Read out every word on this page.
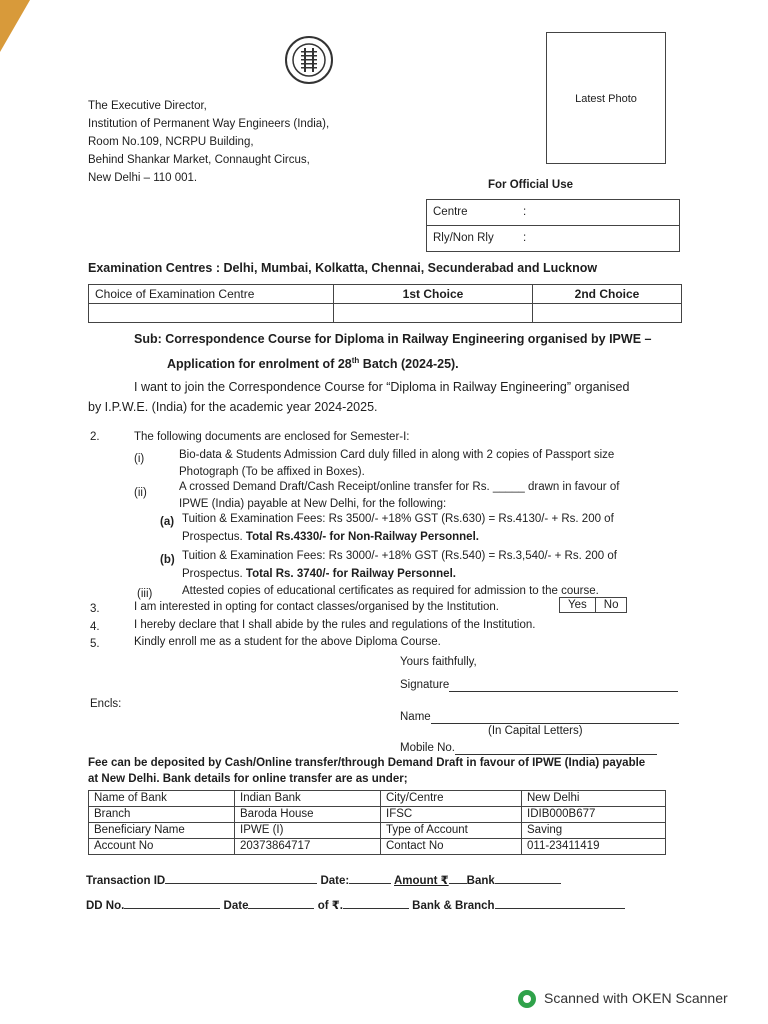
Latest Photo
The Executive Director,
Institution of Permanent Way Engineers (India),
Room No.109, NCRPU Building,
Behind Shankar Market, Connaught Circus,
New Delhi – 110 001.
For Official Use
Centre	:
Rly/Non Rly	:
Examination Centres : Delhi, Mumbai, Kolkatta, Chennai, Secunderabad and Lucknow
Choice of Examination Centre	1st Choice	2nd Choice

Sub: Correspondence Course for Diploma in Railway Engineering organised by IPWE –
Application for enrolment of 28th Batch (2024-25).
I want to join the Correspondence Course for “Diploma in Railway Engineering” organised
by I.P.W.E. (India) for the academic year 2024-2025.
2.	The following documents are enclosed for Semester-I:
(i)	Bio-data & Students Admission Card duly filled in along with 2 copies of Passport size
Photograph (To be affixed in Boxes).
(ii)	A crossed Demand Draft/Cash Receipt/online transfer for Rs. _____ drawn in favour of
IPWE (India) payable at New Delhi, for the following:
(a) Tuition & Examination Fees: Rs 3500/- +18% GST (Rs.630) = Rs.4130/- + Rs. 200 of
Prospectus. Total Rs.4330/- for Non-Railway Personnel.
(b) Tuition & Examination Fees: Rs 3000/- +18% GST (Rs.540) = Rs.3,540/- + Rs. 200 of
Prospectus. Total Rs. 3740/- for Railway Personnel.
(iii)	Attested copies of educational certificates as required for admission to the course.
3.	I am interested in opting for contact classes/organised by the Institution.	Yes	No
4.	I hereby declare that I shall abide by the rules and regulations of the Institution.
5.	Kindly enroll me as a student for the above Diploma Course.
Yours faithfully,
Signature
Encls:
Name
(In Capital Letters)
Mobile No.
Fee can be deposited by Cash/Online transfer/through Demand Draft in favour of IPWE (India) payable
at New Delhi. Bank details for online transfer are as under;
Name of Bank	Indian Bank	City/Centre	New Delhi
Branch	Baroda House	IFSC	IDIB000B677
Beneficiary Name	IPWE (I)	Type of Account	Saving
Account No	20373864717	Contact No	011-23411419
Transaction ID	Date:	Amount ₹ Bank
DD No.	Date	of ₹.	Bank & Branch
Scanned with OKEN Scanner
